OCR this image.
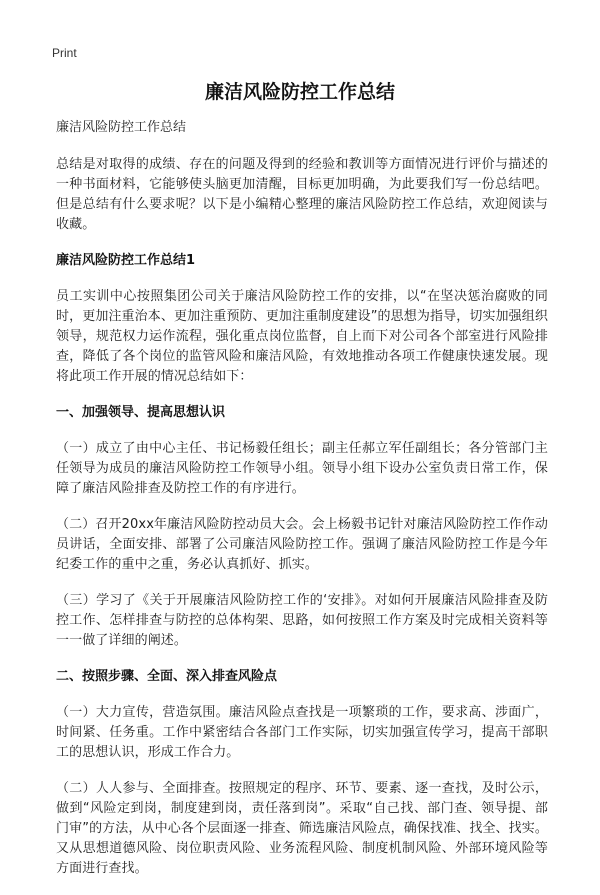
Print
廉洁风险防控工作总结
廉洁风险防控工作总结

总结是对取得的成绩、存在的问题及得到的经验和教训等方面情况进行评价与描述的一种书面材料，它能够使头脑更加清醒，目标更加明确，为此要我们写一份总结吧。但是总结有什么要求呢？以下是小编精心整理的廉洁风险防控工作总结，欢迎阅读与收藏。

廉洁风险防控工作总结1

员工实训中心按照集团公司关于廉洁风险防控工作的安排，以“在坚决惩治腐败的同时，更加注重治本、更加注重预防、更加注重制度建设”的思想为指导，切实加强组织领导，规范权力运作流程，强化重点岗位监督，自上而下对公司各个部室进行风险排查，降低了各个岗位的监管风险和廉洁风险，有效地推动各项工作健康快速发展。现将此项工作开展的情况总结如下：

一、加强领导、提高思想认识

（一）成立了由中心主任、书记杨毅任组长；副主任郝立军任副组长；各分管部门主任领导为成员的廉洁风险防控工作领导小组。领导小组下设办公室负责日常工作，保障了廉洁风险排查及防控工作的有序进行。

（二）召开20xx年廉洁风险防控动员大会。会上杨毅书记针对廉洁风险防控工作作动员讲话，全面安排、部署了公司廉洁风险防控工作。强调了廉洁风险防控工作是今年纪委工作的重中之重，务必认真抓好、抓实。

（三）学习了《关于开展廉洁风险防控工作的‘安排》。对如何开展廉洁风险排查及防控工作、怎样排查与防控的总体构架、思路，如何按照工作方案及时完成相关资料等一一做了详细的阐述。

二、按照步骤、全面、深入排查风险点

（一）大力宣传，营造氛围。廉洁风险点查找是一项繁琐的工作，要求高、涉面广，时间紧、任务重。工作中紧密结合各部门工作实际，切实加强宣传学习，提高干部职工的思想认识，形成工作合力。

（二）人人参与、全面排查。按照规定的程序、环节、要素、逐一查找，及时公示，做到“风险定到岗，制度建到岗，责任落到岗”。采取“自己找、部门查、领导提、部门审”的方法，从中心各个层面逐一排查、筛选廉洁风险点，确保找准、找全、找实。又从思想道德风险、岗位职责风险、业务流程风险、制度机制风险、外部环境风险等方面进行查找。
